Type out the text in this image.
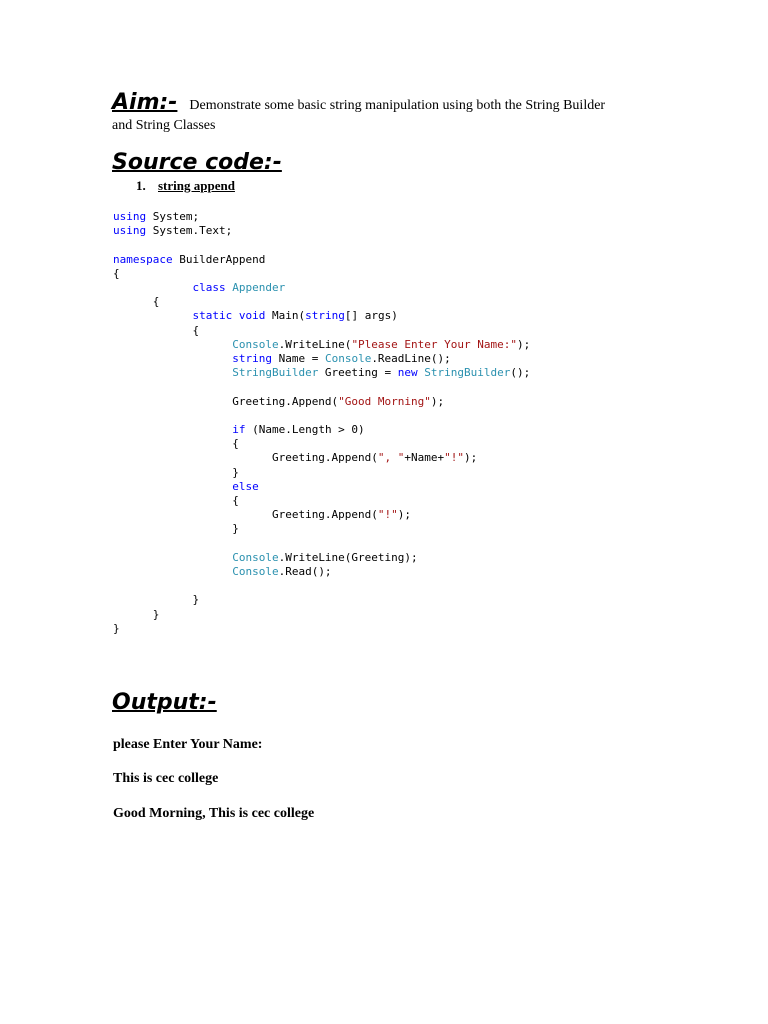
Aim:- Demonstrate some basic string manipulation using both the String Builder
and String Classes
Source code:-
1. string append
using System;
using System.Text;

namespace BuilderAppend
{
class Appender
{
static void Main(string[] args)
{
Console.WriteLine("Please Enter Your Name:");
string Name = Console.ReadLine();
StringBuilder Greeting = new StringBuilder();

Greeting.Append("Good Morning");

if (Name.Length > 0)
{
Greeting.Append(", "+Name+"!");
}
else
{
Greeting.Append("!");
}

Console.WriteLine(Greeting);
Console.Read();

}
}
}
Output:-
please Enter Your Name:
This is cec college
Good Morning, This is cec college
